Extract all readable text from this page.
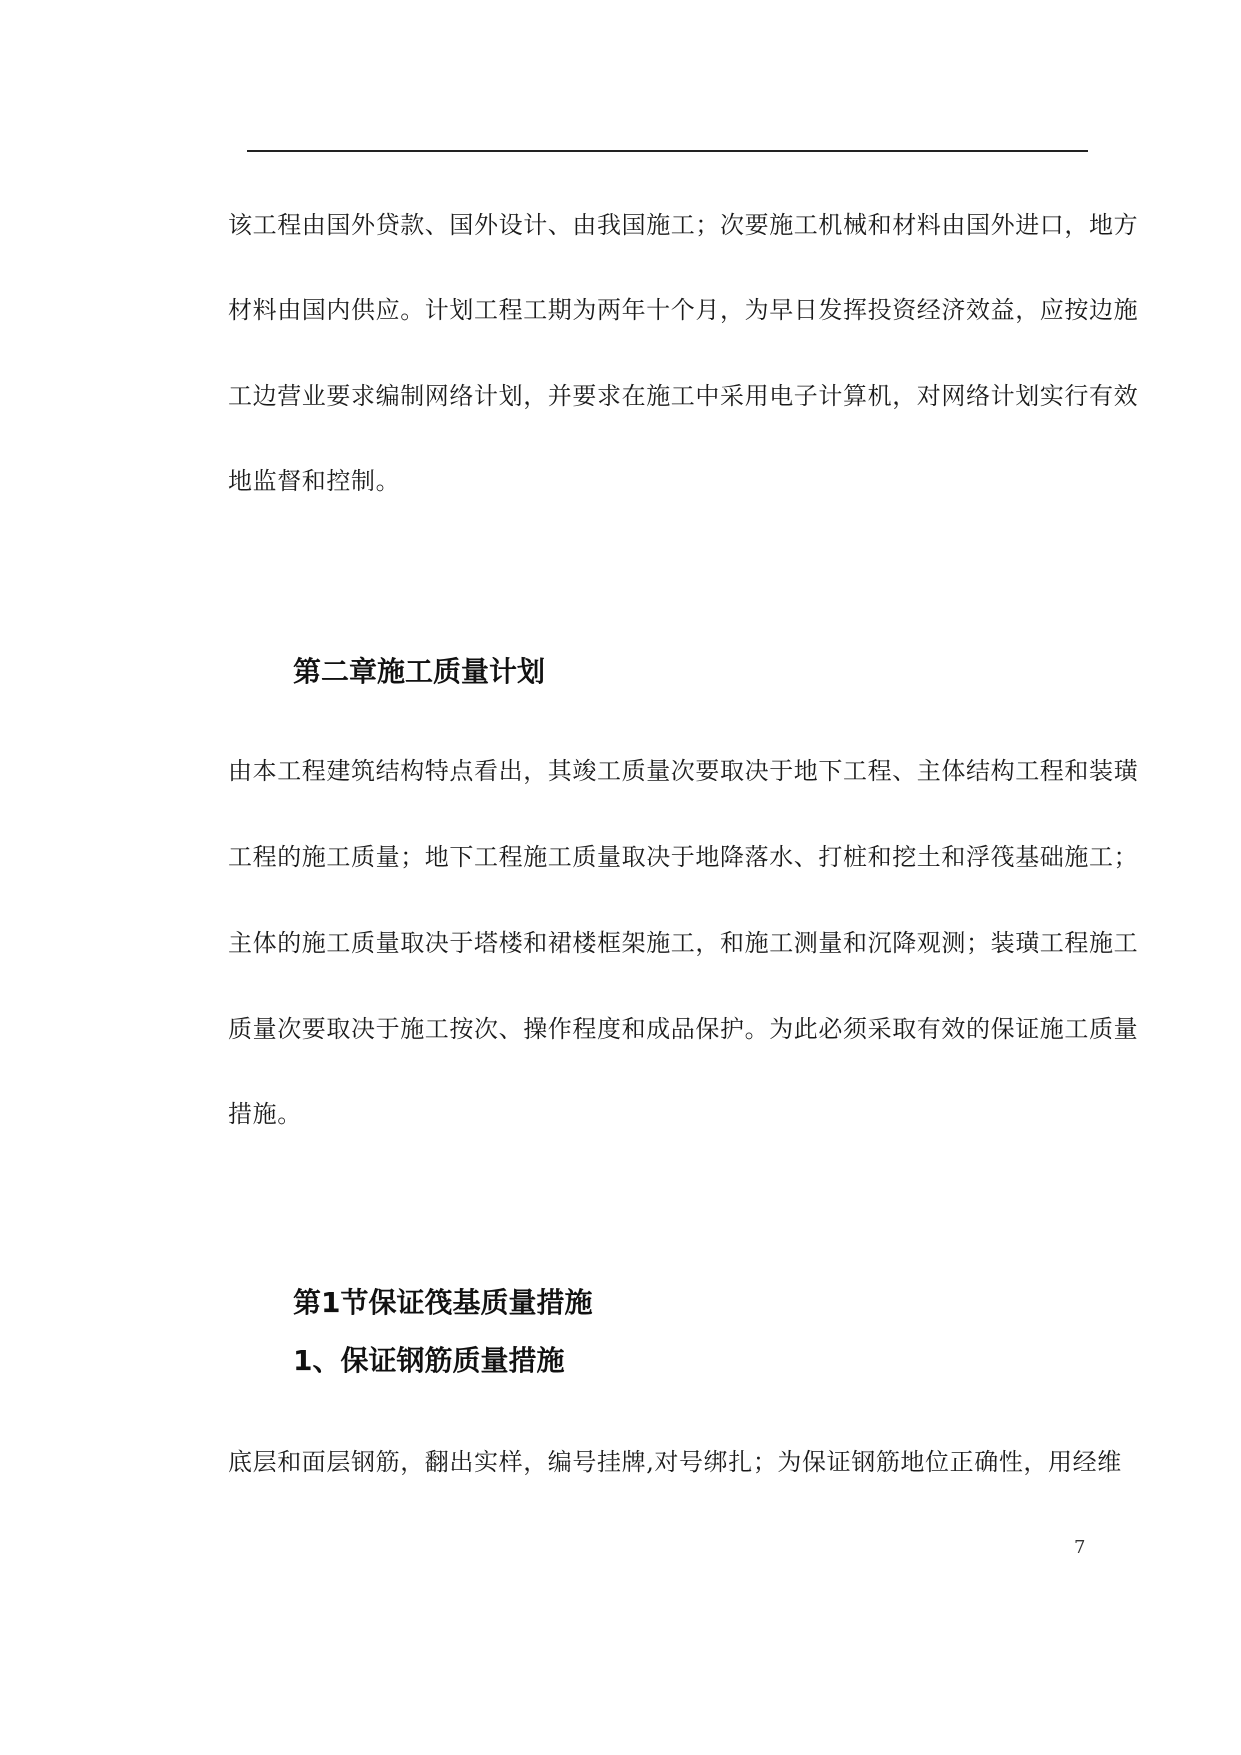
该工程由国外贷款、国外设计、由我国施工；次要施工机械和材料由国外进口，地方
材料由国内供应。计划工程工期为两年十个月，为早日发挥投资经济效益，应按边施
工边营业要求编制网络计划，并要求在施工中采用电子计算机，对网络计划实行有效
地监督和控制。
第二章施工质量计划
由本工程建筑结构特点看出，其竣工质量次要取决于地下工程、主体结构工程和装璜
工程的施工质量；地下工程施工质量取决于地降落水、打桩和挖土和浮筏基础施工；
主体的施工质量取决于塔楼和裙楼框架施工，和施工测量和沉降观测；装璜工程施工
质量次要取决于施工按次、操作程度和成品保护。为此必须采取有效的保证施工质量
措施。
第1节保证筏基质量措施
1、保证钢筋质量措施
底层和面层钢筋，翻出实样，编号挂牌,对号绑扎；为保证钢筋地位正确性，用经维
7
